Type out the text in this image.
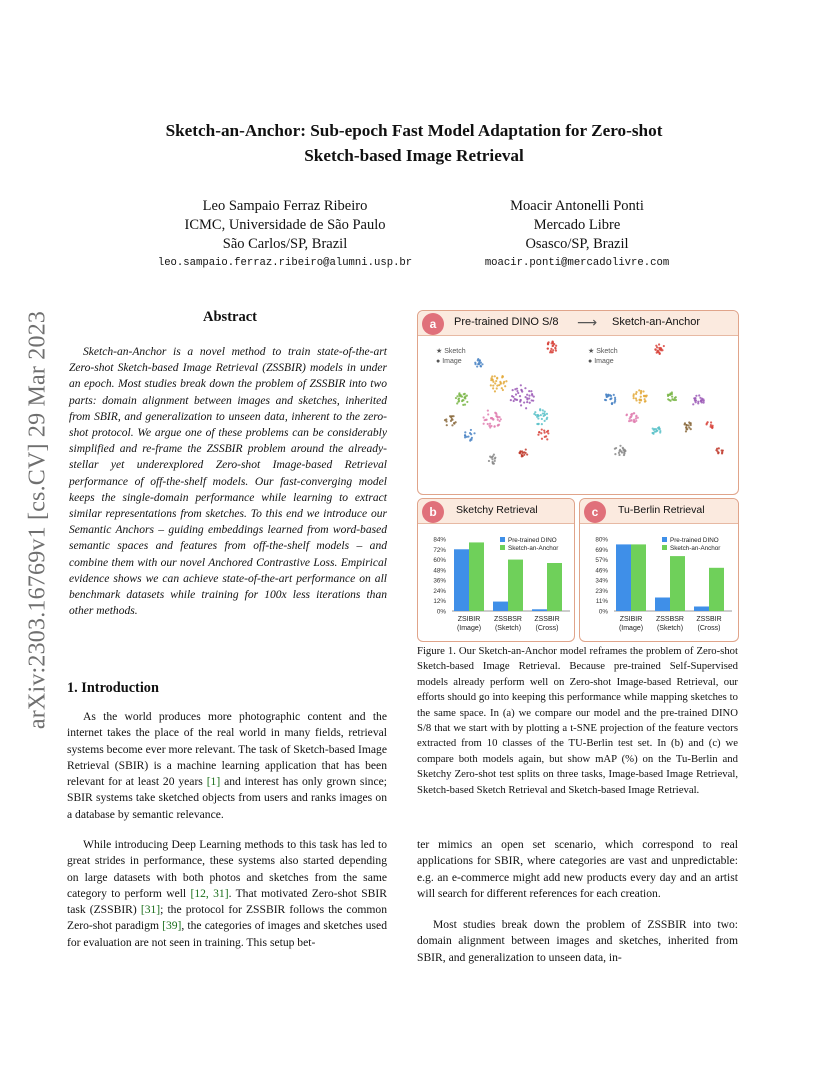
Sketch-an-Anchor: Sub-epoch Fast Model Adaptation for Zero-shot
Sketch-based Image Retrieval
Leo Sampaio Ferraz Ribeiro
ICMC, Universidade de São Paulo
São Carlos/SP, Brazil
leo.sampaio.ferraz.ribeiro@alumni.usp.br
Moacir Antonelli Ponti
Mercado Libre
Osasco/SP, Brazil
moacir.ponti@mercadolivre.com
arXiv:2303.16769v1 [cs.CV] 29 Mar 2023	Abstract
Sketch-an-Anchor is a novel method to train state-of-the-art Zero-shot Sketch-based Image Retrieval (ZSSBIR) models in under an epoch. Most studies break down the problem of ZSSBIR into two parts: domain alignment between images and sketches, inherited from SBIR, and generalization to unseen data, inherent to the zero-shot protocol. We argue one of these problems can be considerably simplified and re-frame the ZSSBIR problem around the already-stellar yet underexplored Zero-shot Image-based Retrieval performance of off-the-shelf models. Our fast-converging model keeps the single-domain performance while learning to extract similar representations from sketches. To this end we introduce our Semantic Anchors – guiding embeddings learned from word-based semantic spaces and features from off-the-shelf models – and combine them with our novel Anchored Contrastive Loss. Empirical evidence shows we can achieve state-of-the-art performance on all benchmark datasets while training for 100x less iterations than other methods.
1. Introduction
As the world produces more photographic content and the internet takes the place of the real world in many fields, retrieval systems become ever more relevant. The task of Sketch-based Image Retrieval (SBIR) is a machine learning application that has been relevant for at least 20 years [1] and interest has only grown since; SBIR systems take sketched objects from users and ranks images on a database by semantic relevance.
While introducing Deep Learning methods to this task has led to great strides in performance, these systems also started depending on large datasets with both photos and sketches from the same category to perform well [12, 31]. That motivated Zero-shot SBIR task (ZSSBIR) [31]; the protocol for ZSSBIR follows the common Zero-shot paradigm [39], the categories of images and sketches used for evaluation are not seen in training. This setup bet-
ter mimics an open set scenario, which correspond to real applications for SBIR, where categories are vast and unpredictable: e.g. an e-commerce might add new products every day and an artist will search for different references for each creation.
Most studies break down the problem of ZSSBIR into two: domain alignment between images and sketches, inherited from SBIR, and generalization to unseen data, in-
Pre-trained DINO S/8 ⟶ Sketch-an-Anchor
a
★ Sketch
● Image
★ Sketch
● Image
Sketchy Retrieval
b
84%
72%
60%
48%
36%
24%
12%
0%
ZSIBIR
(Image)
ZSSBSR
(Sketch)
ZSSBIR
(Cross)
Pre-trained DINO
Sketch-an-Anchor
Tu-Berlin Retrieval
c
80%
69%
57%
46%
34%
23%
11%
0%
ZSIBIR
(Image)
ZSSBSR
(Sketch)
ZSSBIR
(Cross)
Pre-trained DINO
Sketch-an-Anchor
Figure 1. Our Sketch-an-Anchor model reframes the problem of Zero-shot Sketch-based Image Retrieval. Because pre-trained Self-Supervised models already perform well on Zero-shot Image-based Retrieval, our efforts should go into keeping this performance while mapping sketches to the same space. In (a) we compare our model and the pre-trained DINO S/8 that we start with by plotting a t-SNE projection of the feature vectors extracted from 10 classes of the TU-Berlin test set. In (b) and (c) we compare both models again, but show mAP (%) on the Tu-Berlin and Sketchy Zero-shot test splits on three tasks, Image-based Image Retrieval, Sketch-based Sketch Retrieval and Sketch-based Image Retrieval.
